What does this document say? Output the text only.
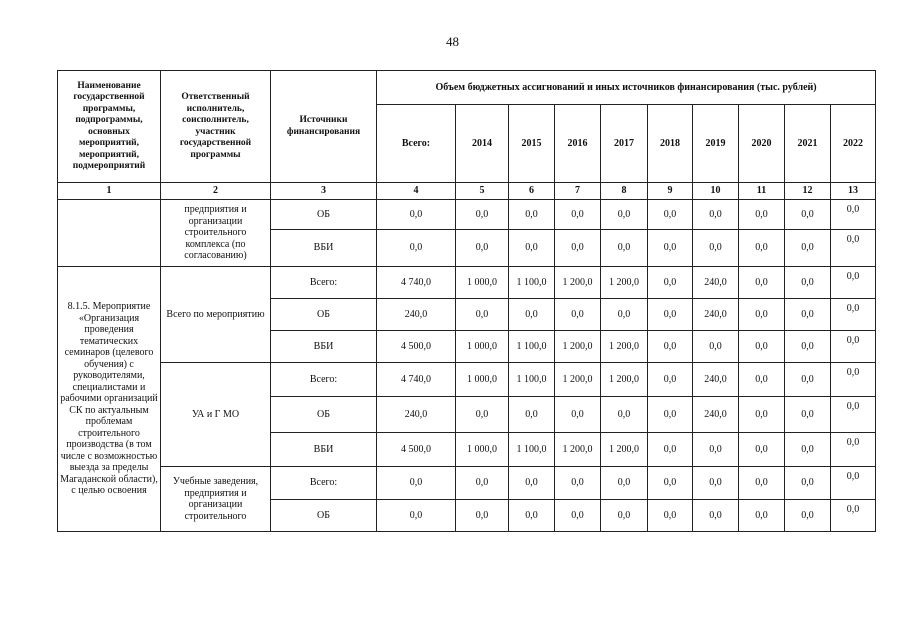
48
Наименование государственной программы, подпрограммы, основных мероприятий, мероприятий, подмероприятий	Ответственный исполнитель, соисполнитель, участник государственной программы	Источники финансирования	Объем бюджетных ассигнований и иных источников финансирования (тыс. рублей)									
			Всего:	2014	2015	2016	2017	2018	2019	2020	2021	2022
1	2	3	4	5	6	7	8	9	10	11	12	13
	предприятия и организации строительного комплекса (по согласованию)	ОБ	0,0	0,0	0,0	0,0	0,0	0,0	0,0	0,0	0,0	0,0
		ВБИ	0,0	0,0	0,0	0,0	0,0	0,0	0,0	0,0	0,0	0,0
8.1.5. Мероприятие «Организация проведения тематических семинаров (целевого обучения) с руководителями, специалистами и рабочими организаций СК по актуальным проблемам строительного производства (в том числе с возможностью выезда за пределы Магаданской области), с целью освоения	Всего по мероприятию	Всего:	4 740,0	1 000,0	1 100,0	1 200,0	1 200,0	0,0	240,0	0,0	0,0	0,0
		ОБ	240,0	0,0	0,0	0,0	0,0	0,0	240,0	0,0	0,0	0,0
		ВБИ	4 500,0	1 000,0	1 100,0	1 200,0	1 200,0	0,0	0,0	0,0	0,0	0,0
	УА и Г МО	Всего:	4 740,0	1 000,0	1 100,0	1 200,0	1 200,0	0,0	240,0	0,0	0,0	0,0
		ОБ	240,0	0,0	0,0	0,0	0,0	0,0	240,0	0,0	0,0	0,0
		ВБИ	4 500,0	1 000,0	1 100,0	1 200,0	1 200,0	0,0	0,0	0,0	0,0	0,0
	Учебные заведения, предприятия и организации строительного	Всего:	0,0	0,0	0,0	0,0	0,0	0,0	0,0	0,0	0,0	0,0
		ОБ	0,0	0,0	0,0	0,0	0,0	0,0	0,0	0,0	0,0	0,0
